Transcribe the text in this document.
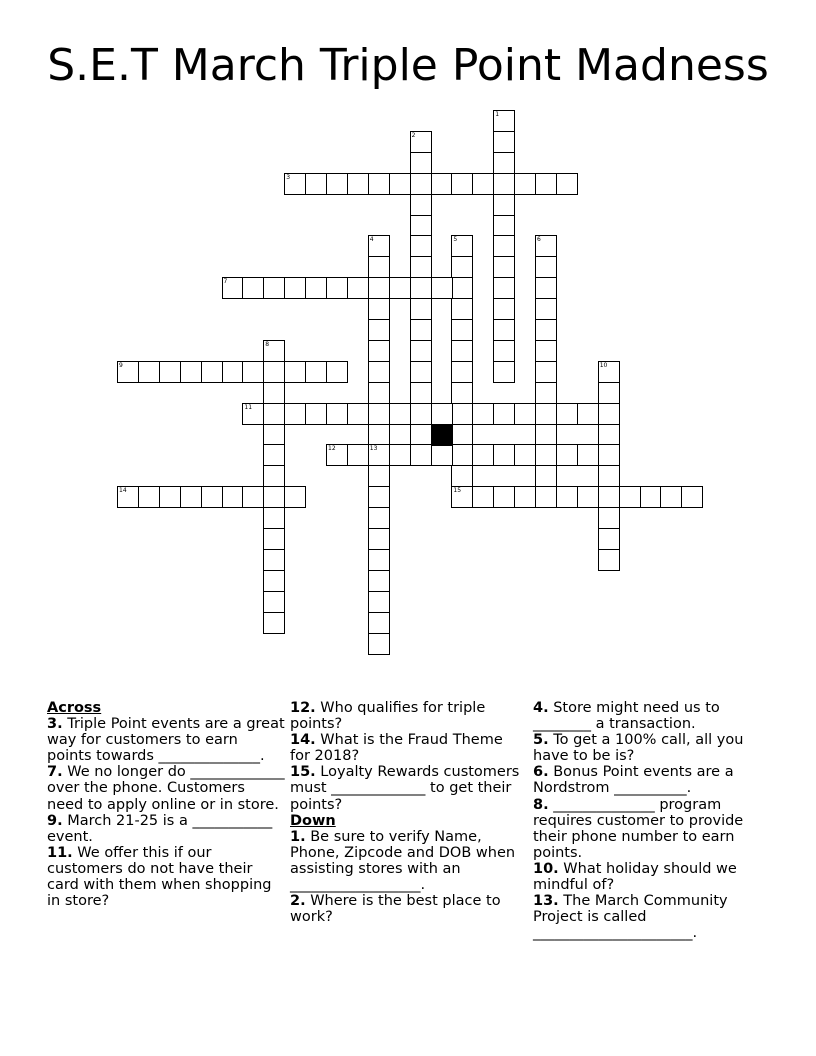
S.E.T March Triple Point Madness
1
2
3
4
13
5
15
6
7
8
9	10
11
12
14
Across
3. Triple Point events are a great way for customers to earn points towards ______________.
7. We no longer do _____________ over the phone. Customers need to apply online or in store.
9. March 21-25 is a ___________ event.
11. We offer this if our customers do not have their card with them when shopping in store?
12. Who qualifies for triple points?
14. What is the Fraud Theme for 2018?
15. Loyalty Rewards customers must _____________ to get their points?
Down
1. Be sure to verify Name, Phone, Zipcode and DOB when assisting stores with an __________________.
2. Where is the best place to work?
4. Store might need us to ________ a transaction.
5. To get a 100% call, all you have to be is?
6. Bonus Point events are a Nordstrom __________.
8. ______________ program requires customer to provide their phone number to earn points.
10. What holiday should we mindful of?
13. The March Community Project is called ______________________.
